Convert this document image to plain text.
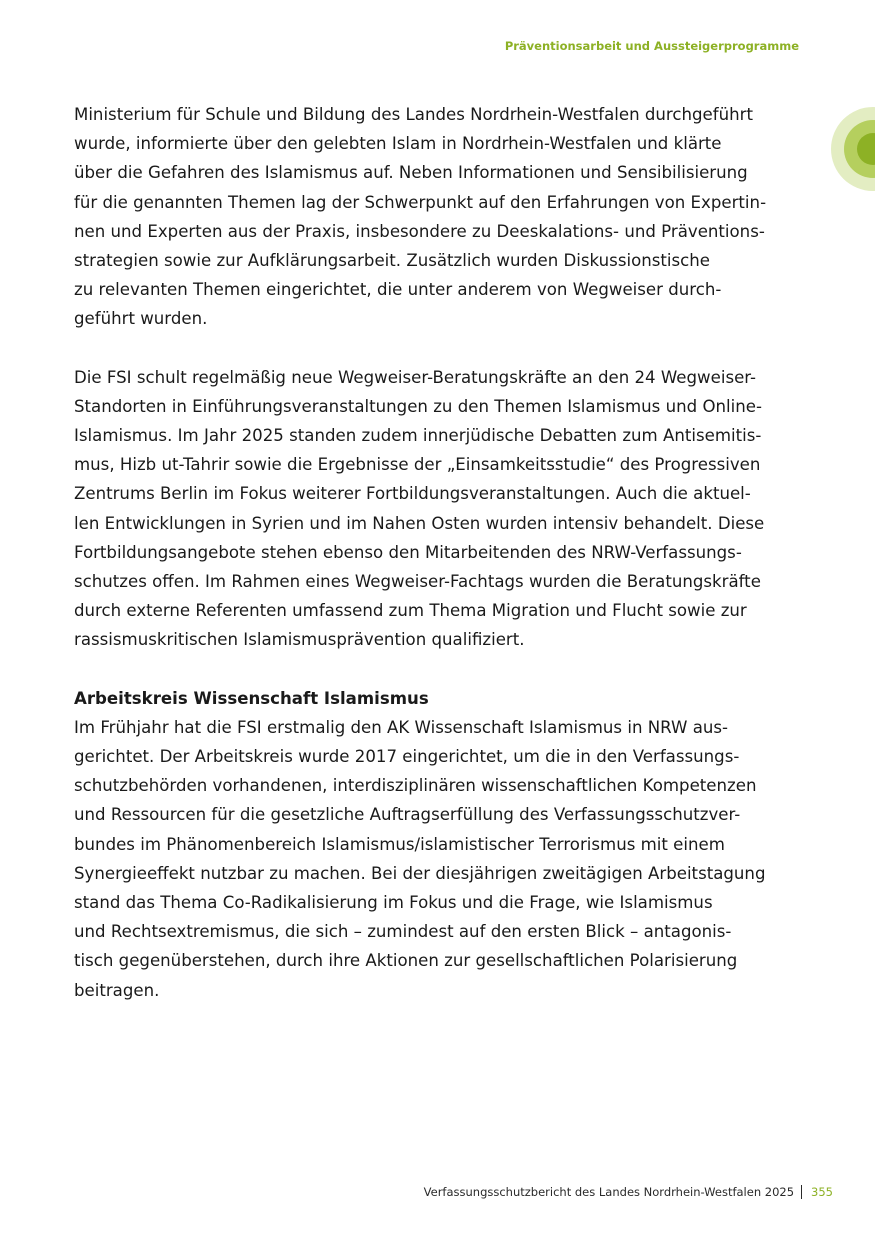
Präventionsarbeit und Aussteigerprogramme
Ministerium für Schule und Bildung des Landes Nordrhein-Westfalen durchgeführt
wurde, informierte über den gelebten Islam in Nordrhein-Westfalen und klärte
über die Gefahren des Islamismus auf. Neben Informationen und Sensibilisierung
für die genannten Themen lag der Schwerpunkt auf den Erfahrungen von Expertin-
nen und Experten aus der Praxis, insbesondere zu Deeskalations- und Präventions-
strategien sowie zur Aufklärungsarbeit. Zusätzlich wurden Diskussionstische
zu relevanten Themen eingerichtet, die unter anderem von Wegweiser durch-
geführt wurden.
Die FSI schult regelmäßig neue Wegweiser-Beratungskräfte an den 24 Wegweiser-
Standorten in Einführungsveranstaltungen zu den Themen Islamismus und Online-
Islamismus. Im Jahr 2025 standen zudem innerjüdische Debatten zum Antisemitis-
mus, Hizb ut-Tahrir sowie die Ergebnisse der „Einsamkeitsstudie“ des Progressiven
Zentrums Berlin im Fokus weiterer Fortbildungsveranstaltungen. Auch die aktuel-
len Entwicklungen in Syrien und im Nahen Osten wurden intensiv behandelt. Diese
Fortbildungsangebote stehen ebenso den Mitarbeitenden des NRW-Verfassungs-
schutzes offen. Im Rahmen eines Wegweiser-Fachtags wurden die Beratungskräfte
durch externe Referenten umfassend zum Thema Migration und Flucht sowie zur
rassismuskritischen Islamismusprävention qualifiziert.
Arbeitskreis Wissenschaft Islamismus
Im Frühjahr hat die FSI erstmalig den AK Wissenschaft Islamismus in NRW aus-
gerichtet. Der Arbeitskreis wurde 2017 eingerichtet, um die in den Verfassungs-
schutzbehörden vorhandenen, interdisziplinären wissenschaftlichen Kompetenzen
und Ressourcen für die gesetzliche Auftragserfüllung des Verfassungsschutzver-
bundes im Phänomenbereich Islamismus/islamistischer Terrorismus mit einem
Synergieeffekt nutzbar zu machen. Bei der diesjährigen zweitägigen Arbeitstagung
stand das Thema Co-Radikalisierung im Fokus und die Frage, wie Islamismus
und Rechtsextremismus, die sich – zumindest auf den ersten Blick – antagonis-
tisch gegenüberstehen, durch ihre Aktionen zur gesellschaftlichen Polarisierung
beitragen.
Verfassungsschutzbericht des Landes Nordrhein-Westfalen 2025 355
